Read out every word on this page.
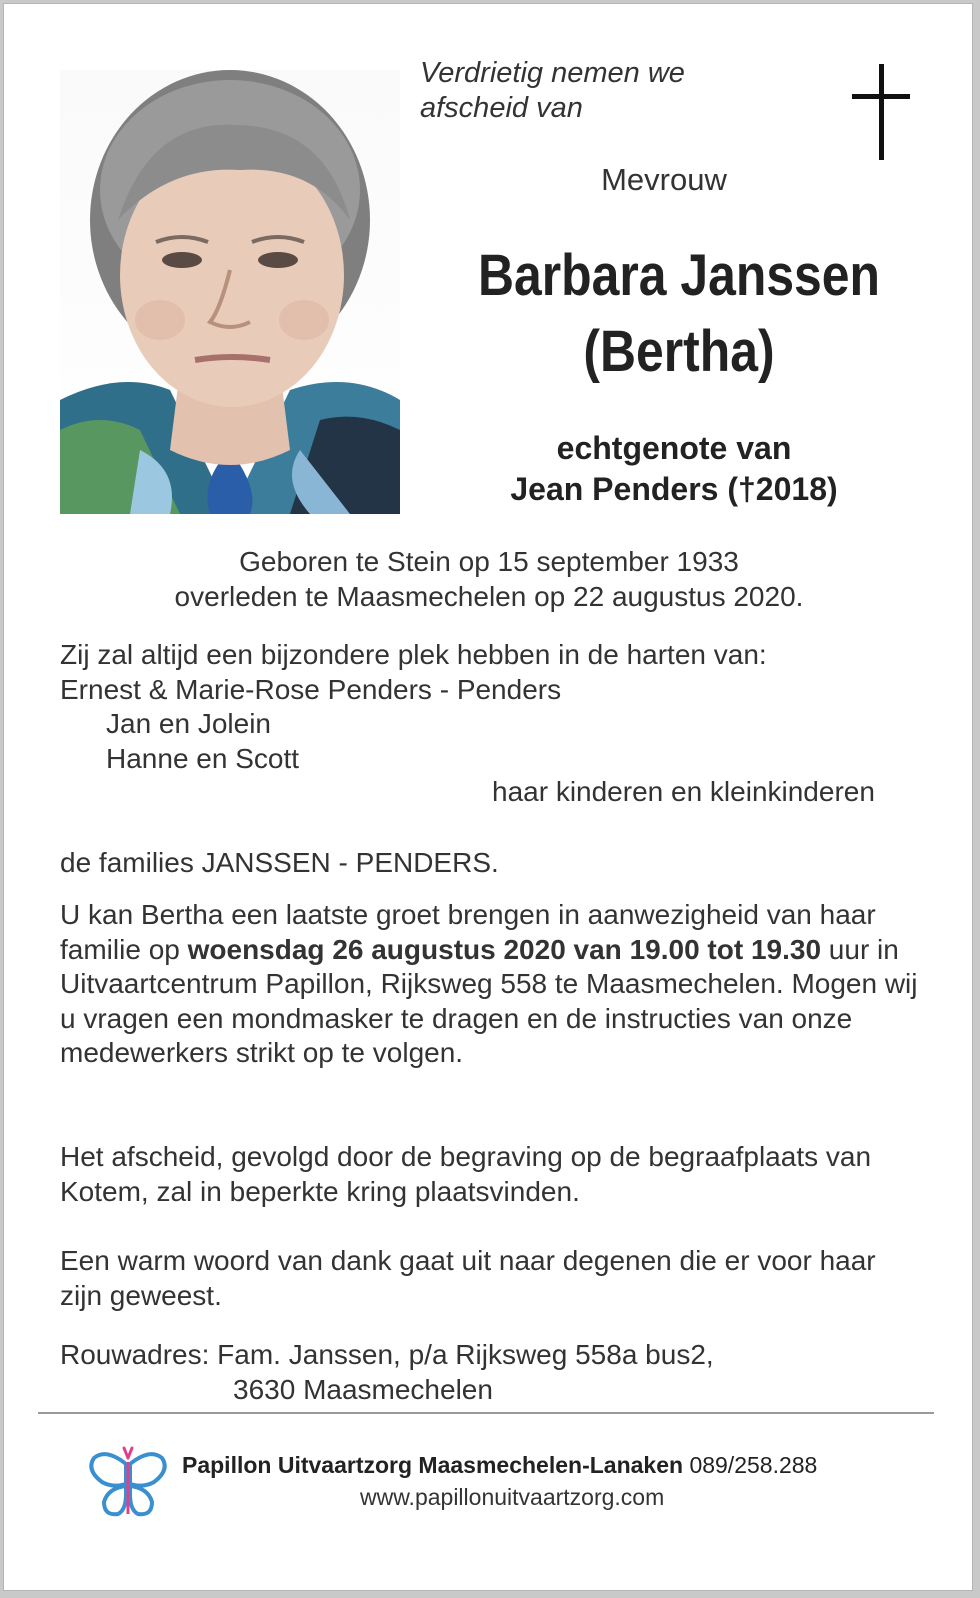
Verdrietig nemen we
afscheid van
Mevrouw
Barbara Janssen
(Bertha)
echtgenote van
Jean Penders (†2018)
Geboren te Stein op 15 september 1933
overleden te Maasmechelen op 22 augustus 2020.
Zij zal altijd een bijzondere plek hebben in de harten van:
Ernest & Marie-Rose Penders - Penders
Jan en Jolein
Hanne en Scott
haar kinderen en kleinkinderen
de families JANSSEN - PENDERS.
U kan Bertha een laatste groet brengen in aanwezigheid van haar familie op woensdag 26 augustus 2020 van 19.00 tot 19.30 uur in Uitvaartcentrum Papillon, Rijksweg 558 te Maasmechelen. Mogen wij u vragen een mondmasker te dragen en de instructies van onze medewerkers strikt op te volgen.
Het afscheid, gevolgd door de begraving op de begraafplaats van Kotem, zal in beperkte kring plaatsvinden.
Een warm woord van dank gaat uit naar degenen die er voor haar zijn geweest.
Rouwadres: Fam. Janssen, p/a Rijksweg 558a bus2,
3630 Maasmechelen
Papillon Uitvaartzorg Maasmechelen-Lanaken 089/258.288
www.papillonuitvaartzorg.com
